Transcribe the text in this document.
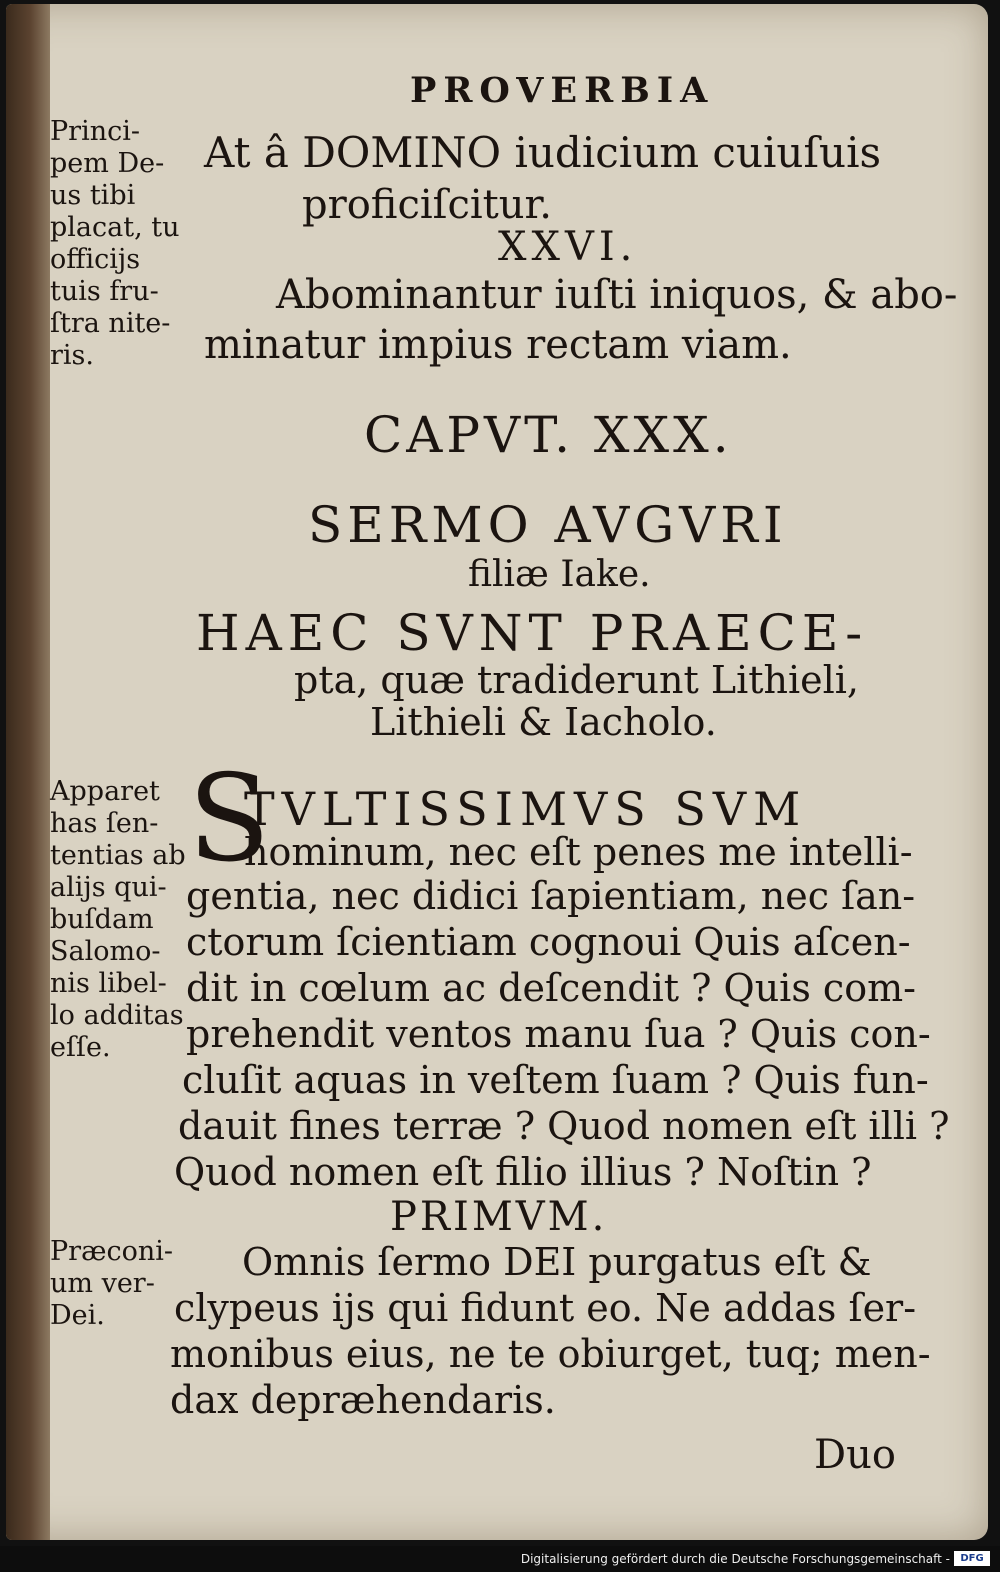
PROVERBIA

At â DOMINO iudicium cuiuſuis

proficiſcitur.

XXVI.

Abominantur iuſti iniquos, & abo-

minatur impius rectam viam.

CAPVT. XXX.

SERMO AVGVRI

filiæ Iake.

HAEC SVNT PRAECE-

pta, quæ tradiderunt Lithieli,

Lithieli & Iacholo.

S

TVLTISSIMVS SVM

hominum, nec eſt penes me intelli-

gentia, nec didici ſapientiam, nec ſan-

ctorum ſcientiam cognoui Quis aſcen-

dit in cœlum ac deſcendit ? Quis com-

prehendit ventos manu ſua ? Quis con-

cluſit aquas in veſtem ſuam ? Quis fun-

dauit fines terræ ? Quod nomen eſt illi ?

Quod nomen eſt filio illius ? Noſtin ?

PRIMVM.

Omnis ſermo DEI purgatus eſt &

clypeus ijs qui fidunt eo. Ne addas ſer-

monibus eius, ne te obiurget, tuq; men-

dax depræhendaris.

Duo

Princi-
pem De-
us tibi
placat, tu
officijs
tuis fru-
ſtra nite-
ris.
Apparet
has ſen-
tentias ab
alijs qui-
buſdam
Salomo-
nis libel-
lo additas
eſſe.
Præconi-
um ver-
Dei.
Digitalisierung gefördert durch die Deutsche Forschungsgemeinschaft -	DFG
